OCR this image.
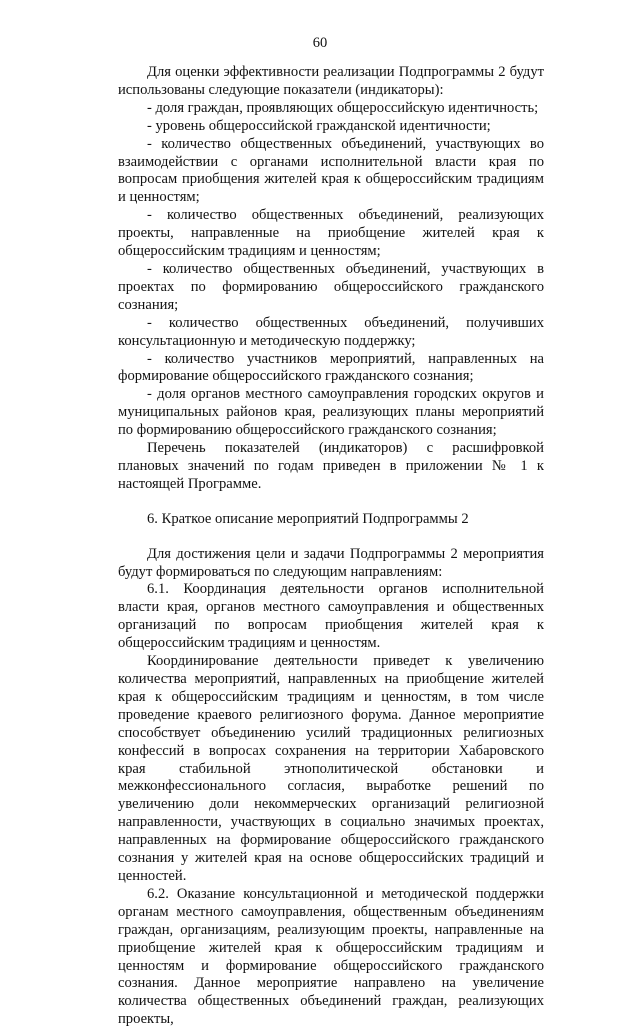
60

Для оценки эффективности реализации Подпрограммы 2 будут использованы следующие показатели (индикаторы):

- доля граждан, проявляющих общероссийскую идентичность;

- уровень общероссийской гражданской идентичности;

- количество общественных объединений, участвующих во взаимодействии с органами исполнительной власти края по вопросам приобщения жителей края к общероссийским традициям и ценностям;

- количество общественных объединений, реализующих проекты, направленные на приобщение жителей края к общероссийским традициям и ценностям;

- количество общественных объединений, участвующих в проектах по формированию общероссийского гражданского сознания;

- количество общественных объединений, получивших консультационную и методическую поддержку;

- количество участников мероприятий, направленных на формирование общероссийского гражданского сознания;

- доля органов местного самоуправления городских округов и муниципальных районов края, реализующих планы мероприятий по формированию общероссийского гражданского сознания;

Перечень показателей (индикаторов) с расшифровкой плановых значений по годам приведен в приложении № 1 к настоящей Программе.

6. Краткое описание мероприятий Подпрограммы 2

Для достижения цели и задачи Подпрограммы 2 мероприятия будут формироваться по следующим направлениям:

6.1. Координация деятельности органов исполнительной власти края, органов местного самоуправления и общественных организаций по вопросам приобщения жителей края к общероссийским традициям и ценностям.

Координирование деятельности приведет к увеличению количества мероприятий, направленных на приобщение жителей края к общероссийским традициям и ценностям, в том числе проведение краевого религиозного форума. Данное мероприятие способствует объединению усилий традиционных религиозных конфессий в вопросах сохранения на территории Хабаровского края стабильной этнополитической обстановки и межконфессионального согласия, выработке решений по увеличению доли некоммерческих организаций религиозной направленности, участвующих в социально значимых проектах, направленных на формирование общероссийского гражданского сознания у жителей края на основе общероссийских традиций и ценностей.

6.2. Оказание консультационной и методической поддержки органам местного самоуправления, общественным объединениям граждан, организациям, реализующим проекты, направленные на приобщение жителей края к общероссийским традициям и ценностям и формирование общероссийского гражданского сознания. Данное мероприятие направлено на увеличение количества общественных объединений граждан, реализующих проекты,
